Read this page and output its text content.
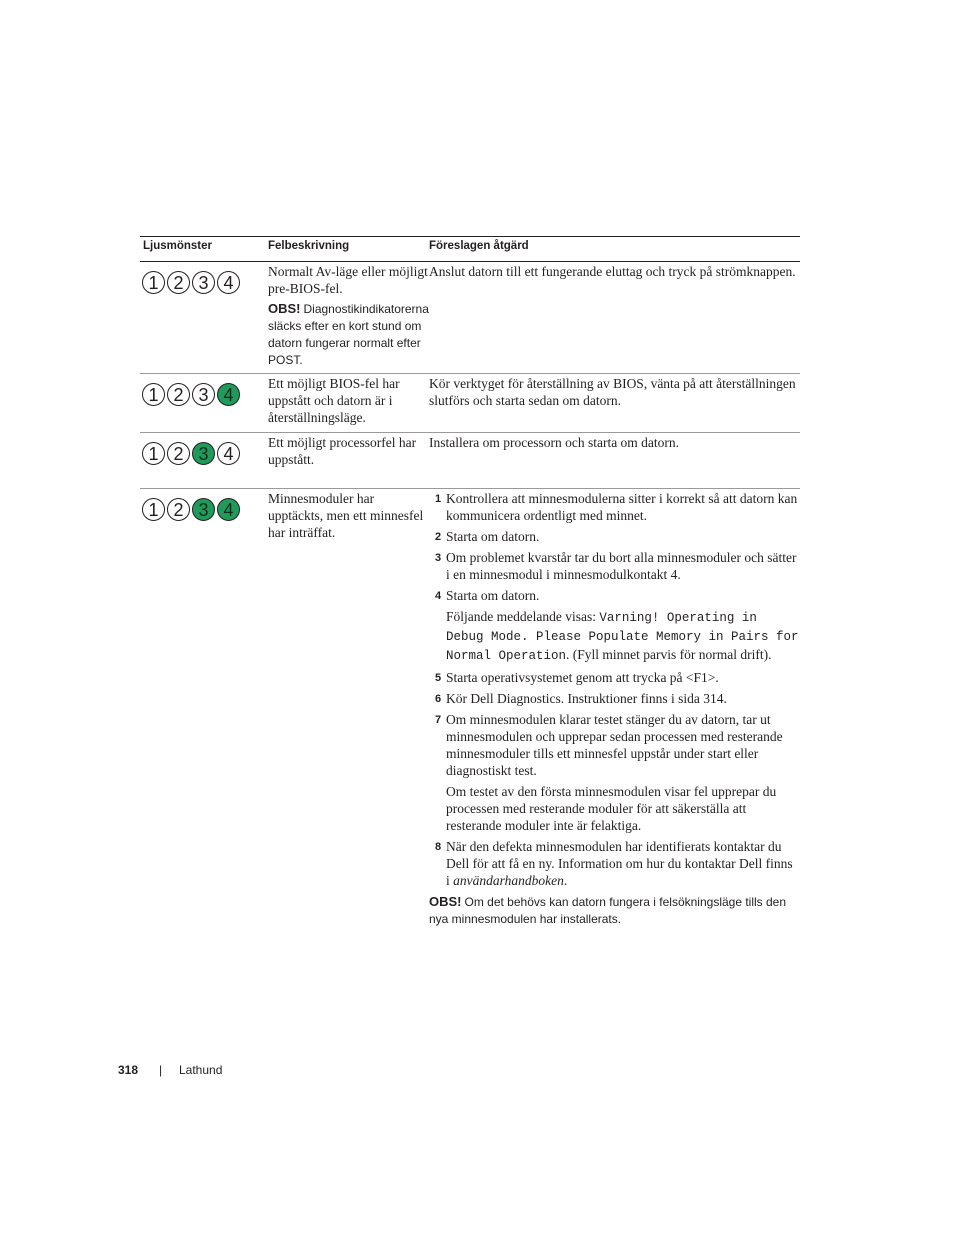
Ljusmönster	Felbeskrivning	Föreslagen åtgärd
1 2 3 4
Normalt Av-läge eller möjligt pre-BIOS-fel.
OBS! Diagnostikindikatorerna släcks efter en kort stund om datorn fungerar normalt efter POST.
Anslut datorn till ett fungerande eluttag och tryck på strömknappen.
1 2 3 4
Ett möjligt BIOS-fel har uppstått och datorn är i återställningsläge.
Kör verktyget för återställning av BIOS, vänta på att återställningen slutförs och starta sedan om datorn.
1 2 3 4
Ett möjligt processorfel har uppstått.
Installera om processorn och starta om datorn.
1 2 3 4
Minnesmoduler har upptäckts, men ett minnesfel har inträffat.
1 Kontrollera att minnesmodulerna sitter i korrekt så att datorn kan kommunicera ordentligt med minnet.
2 Starta om datorn.
3 Om problemet kvarstår tar du bort alla minnesmoduler och sätter i en minnesmodul i minnesmodulkontakt 4.
4 Starta om datorn.
Följande meddelande visas: Varning! Operating in Debug Mode. Please Populate Memory in Pairs for Normal Operation. (Fyll minnet parvis för normal drift).
5 Starta operativsystemet genom att trycka på <F1>.
6 Kör Dell Diagnostics. Instruktioner finns i sida 314.
7 Om minnesmodulen klarar testet stänger du av datorn, tar ut minnesmodulen och upprepar sedan processen med resterande minnesmoduler tills ett minnesfel uppstår under start eller diagnostiskt test.
Om testet av den första minnesmodulen visar fel upprepar du processen med resterande moduler för att säkerställa att resterande moduler inte är felaktiga.
8 När den defekta minnesmodulen har identifierats kontaktar du Dell för att få en ny. Information om hur du kontaktar Dell finns i användarhandboken.
OBS! Om det behövs kan datorn fungera i felsökningsläge tills den nya minnesmodulen har installerats.
318 | Lathund
